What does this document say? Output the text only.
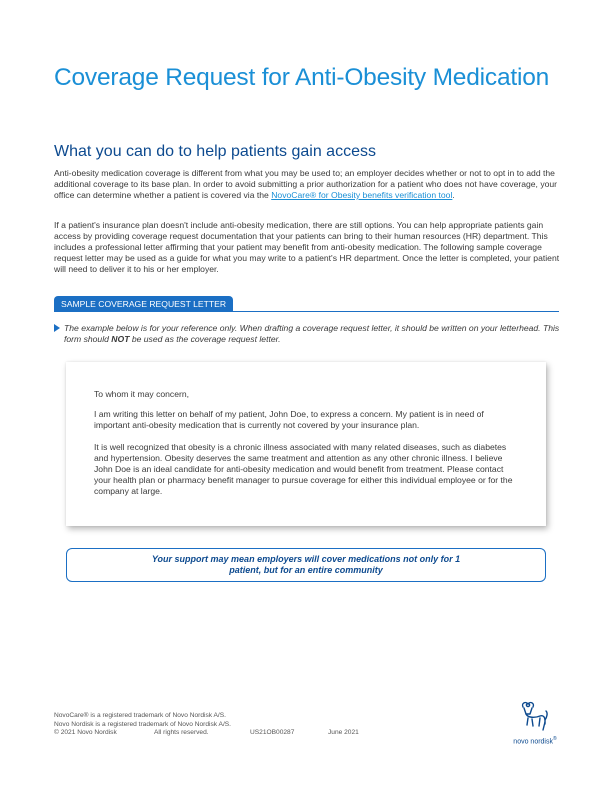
Coverage Request for Anti-Obesity Medication
What you can do to help patients gain access

Anti-obesity medication coverage is different from what you may be used to; an employer decides whether or not to opt in to add the additional coverage to its base plan. In order to avoid submitting a prior authorization for a patient who does not have coverage, your office can determine whether a patient is covered via the NovoCare® for Obesity benefits verification tool.

If a patient's insurance plan doesn't include anti-obesity medication, there are still options. You can help appropriate patients gain access by providing coverage request documentation that your patients can bring to their human resources (HR) department. This includes a professional letter affirming that your patient may benefit from anti-obesity medication. The following sample coverage request letter may be used as a guide for what you may write to a patient's HR department. Once the letter is completed, your patient will need to deliver it to his or her employer.

SAMPLE COVERAGE REQUEST LETTER
The example below is for your reference only. When drafting a coverage request letter, it should be written on your letterhead. This form should NOT be used as the coverage request letter.

To whom it may concern,

I am writing this letter on behalf of my patient, John Doe, to express a concern. My patient is in need of important anti-obesity medication that is currently not covered by your insurance plan.

It is well recognized that obesity is a chronic illness associated with many related diseases, such as diabetes and hypertension. Obesity deserves the same treatment and attention as any other chronic illness. I believe John Doe is an ideal candidate for anti-obesity medication and would benefit from treatment. Please contact your health plan or pharmacy benefit manager to pursue coverage for either this individual employee or for the company at large.

Your support may mean employers will cover medications not only for 1 patient, but for an entire community
NovoCare® is a registered trademark of Novo Nordisk A/S.
Novo Nordisk is a registered trademark of Novo Nordisk A/S.
© 2021 Novo Nordisk	All rights reserved.	US21OB00287	June 2021
novo nordisk®
